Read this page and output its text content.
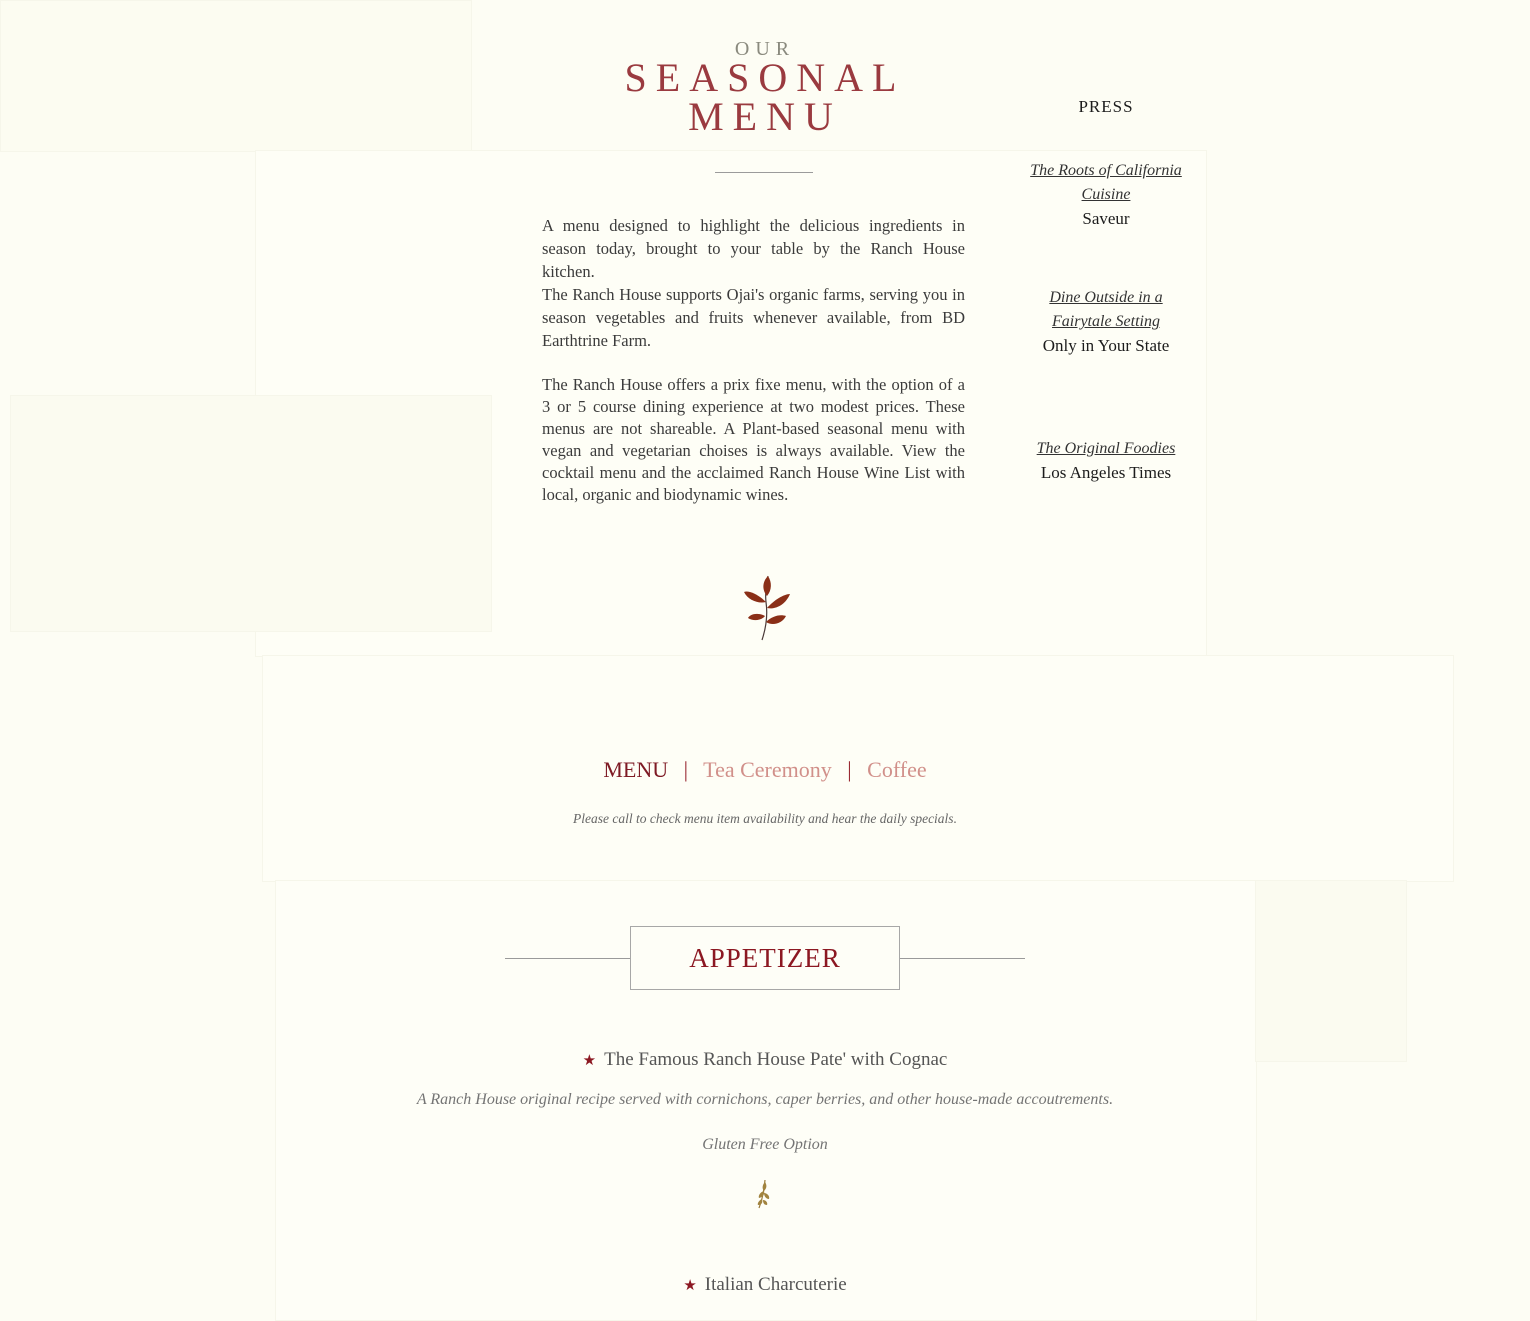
OUR
SEASONAL
MENU

A menu designed to highlight the delicious ingredients in season today, brought to your table by the Ranch House kitchen.

The Ranch House supports Ojai's organic farms, serving you in season vegetables and fruits whenever available, from BD Earthtrine Farm.

The Ranch House offers a prix fixe menu, with the option of a 3 or 5 course dining experience at two modest prices. These menus are not shareable. A Plant-based seasonal menu with vegan and vegetarian choises is always available. View the cocktail menu and the acclaimed Ranch House Wine List with local, organic and biodynamic wines.

PRESS
The Roots of California
Cuisine
Saveur
Dine Outside in a
Fairytale Setting
Only in Your State
The Original Foodies
Los Angeles Times
MENU | Tea Ceremony | Coffee
Please call to check menu item availability and hear the daily specials.
APPETIZER
★ The Famous Ranch House Pate' with Cognac
A Ranch House original recipe served with cornichons, caper berries, and other house-made accoutrements.
Gluten Free Option
★ Italian Charcuterie
